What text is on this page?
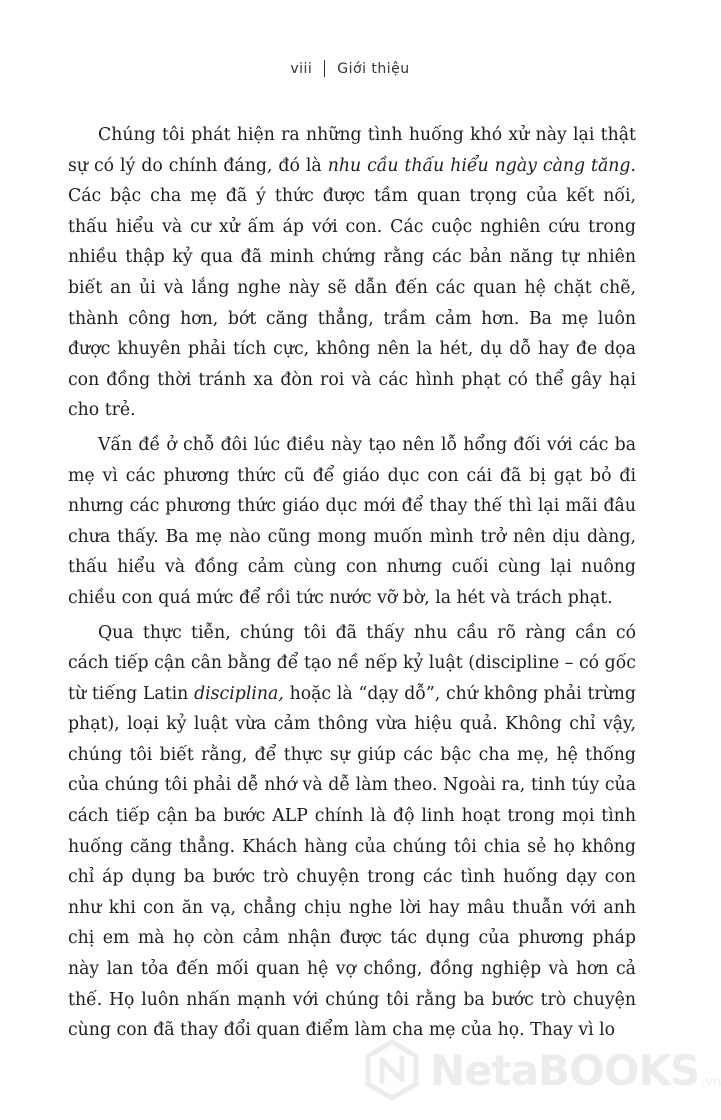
viii Giới thiệu

Chúng tôi phát hiện ra những tình huống khó xử này lại thật sự có lý do chính đáng, đó là nhu cầu thấu hiểu ngày càng tăng. Các bậc cha mẹ đã ý thức được tầm quan trọng của kết nối, thấu hiểu và cư xử ấm áp với con. Các cuộc nghiên cứu trong nhiều thập kỷ qua đã minh chứng rằng các bản năng tự nhiên biết an ủi và lắng nghe này sẽ dẫn đến các quan hệ chặt chẽ, thành công hơn, bớt căng thẳng, trầm cảm hơn. Ba mẹ luôn được khuyên phải tích cực, không nên la hét, dụ dỗ hay đe dọa con đồng thời tránh xa đòn roi và các hình phạt có thể gây hại cho trẻ.

Vấn đề ở chỗ đôi lúc điều này tạo nên lỗ hổng đối với các ba mẹ vì các phương thức cũ để giáo dục con cái đã bị gạt bỏ đi nhưng các phương thức giáo dục mới để thay thế thì lại mãi đâu chưa thấy. Ba mẹ nào cũng mong muốn mình trở nên dịu dàng, thấu hiểu và đồng cảm cùng con nhưng cuối cùng lại nuông chiều con quá mức để rồi tức nước vỡ bờ, la hét và trách phạt.

Qua thực tiễn, chúng tôi đã thấy nhu cầu rõ ràng cần có cách tiếp cận cân bằng để tạo nề nếp kỷ luật (discipline – có gốc từ tiếng Latin disciplina, hoặc là “dạy dỗ”, chứ không phải trừng phạt), loại kỷ luật vừa cảm thông vừa hiệu quả. Không chỉ vậy, chúng tôi biết rằng, để thực sự giúp các bậc cha mẹ, hệ thống của chúng tôi phải dễ nhớ và dễ làm theo. Ngoài ra, tinh túy của cách tiếp cận ba bước ALP chính là độ linh hoạt trong mọi tình huống căng thẳng. Khách hàng của chúng tôi chia sẻ họ không chỉ áp dụng ba bước trò chuyện trong các tình huống dạy con như khi con ăn vạ, chẳng chịu nghe lời hay mâu thuẫn với anh chị em mà họ còn cảm nhận được tác dụng của phương pháp này lan tỏa đến mối quan hệ vợ chồng, đồng nghiệp và hơn cả thế. Họ luôn nhấn mạnh với chúng tôi rằng ba bước trò chuyện cùng con đã thay đổi quan điểm làm cha mẹ của họ. Thay vì lo

NetaBOOKS .vn
